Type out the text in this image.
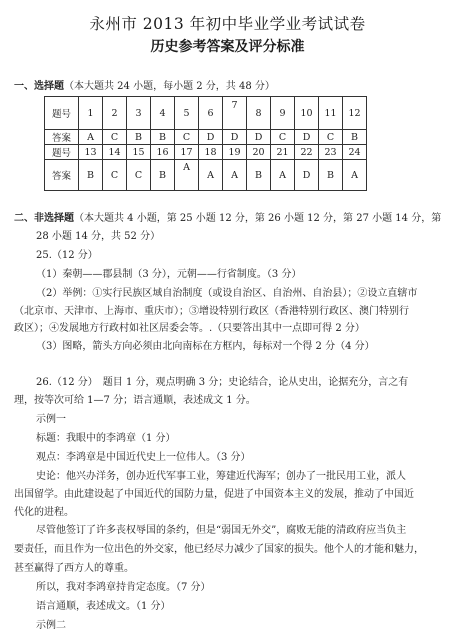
永州市 2013 年初中毕业学业考试试卷
历史参考答案及评分标准
一、选择题（本大题共 24 小题，每小题 2 分，共 48 分）
题号	1	2	3	4	5	6	7	8	9	10	11	12
答案	A	C	B	B	C	D	D	D	C	D	C	B
题号	13	14	15	16	17	18	19	20	21	22	23	24
答案	B	C	C	B	A	A	A	B	A	D	B	A
二、非选择题（本大题共 4 小题，第 25 小题 12 分，第 26 小题 12 分，第 27 小题 14 分，第
28 小题 14 分，共 52 分）
25.（12 分）
（1）秦朝——郡县制（3 分），元朝——行省制度。（3 分）
（2）举例：①实行民族区域自治制度（或设自治区、自治州、自治县）；②设立直辖市
（北京市、天津市、上海市、重庆市）；③增设特别行政区（香港特别行政区、澳门特别行
政区）；④发展地方行政村如社区居委会等。.（只要答出其中一点即可得 2 分）
（3）图略，箭头方向必须由北向南标在方框内，每标对一个得 2 分（4 分）
26.（12 分）　题目 1 分，观点明确 3 分；史论结合，论从史出，论据充分，言之有
理，按等次可给 1—7 分；语言通顺，表述成文 1 分。
示例一
标题：我眼中的李鸿章（1 分）
观点：李鸿章是中国近代史上一位伟人。（3 分）
史论：他兴办洋务，创办近代军事工业，筹建近代海军；创办了一批民用工业，派人
出国留学。由此建设起了中国近代的国防力量，促进了中国资本主义的发展，推动了中国近
代化的进程。
尽管他签订了许多丧权辱国的条约，但是“弱国无外交”，腐败无能的清政府应当负主
要责任，而且作为一位出色的外交家，他已经尽力减少了国家的损失。他个人的才能和魅力，
甚至赢得了西方人的尊重。
所以，我对李鸿章持肯定态度。（7 分）
语言通顺，表述成文。（1 分）
示例二
